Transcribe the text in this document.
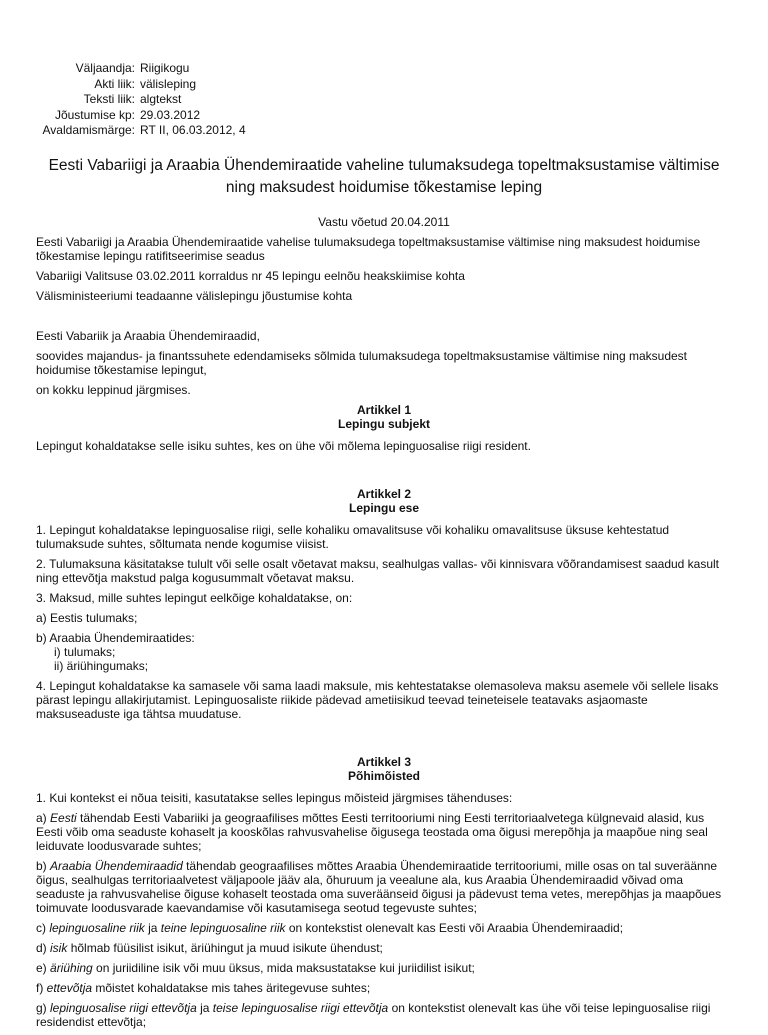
Väljaandja: Riigikogu
Akti liik: välisleping
Teksti liik: algtekst
Jõustumise kp: 29.03.2012
Avaldamismärge: RT II, 06.03.2012, 4
Eesti Vabariigi ja Araabia Ühendemiraatide vaheline tulumaksudega topeltmaksustamise vältimise ning maksudest hoidumise tõkestamise leping

Vastu võetud 20.04.2011

Eesti Vabariigi ja Araabia Ühendemiraatide vahelise tulumaksudega topeltmaksustamise vältimise ning maksudest hoidumise tõkestamise lepingu ratifitseerimise seadus

Vabariigi Valitsuse 03.02.2011 korraldus nr 45 lepingu eelnõu heakskiimise kohta

Välisministeeriumi teadaanne välislepingu jõustumise kohta

Eesti Vabariik ja Araabia Ühendemiraadid,

soovides majandus- ja finantssuhete edendamiseks sõlmida tulumaksudega topeltmaksustamise vältimise ning maksudest hoidumise tõkestamise lepingut,

on kokku leppinud järgmises.

Artikkel 1
Lepingu subjekt

Lepingut kohaldatakse selle isiku suhtes, kes on ühe või mõlema lepinguosalise riigi resident.

Artikkel 2
Lepingu ese

1. Lepingut kohaldatakse lepinguosalise riigi, selle kohaliku omavalitsuse või kohaliku omavalitsuse üksuse kehtestatud tulumaksude suhtes, sõltumata nende kogumise viisist.

2. Tulumaksuna käsitatakse tulult või selle osalt võetavat maksu, sealhulgas vallas- või kinnisvara võõrandamisest saadud kasult ning ettevõtja makstud palga kogusummalt võetavat maksu.

3. Maksud, mille suhtes lepingut eelkõige kohaldatakse, on:

a) Eestis tulumaks;

b) Araabia Ühendemiraatides:

i) tulumaks;

ii) äriühingumaks;

4. Lepingut kohaldatakse ka samasele või sama laadi maksule, mis kehtestatakse olemasoleva maksu asemele või sellele lisaks pärast lepingu allakirjutamist. Lepinguosaliste riikide pädevad ametiisikud teevad teineteisele teatavaks asjaomaste maksuseaduste iga tähtsa muudatuse.

Artikkel 3
Põhimõisted

1. Kui kontekst ei nõua teisiti, kasutatakse selles lepingus mõisteid järgmises tähenduses:

a) Eesti tähendab Eesti Vabariiki ja geograafilises mõttes Eesti territooriumi ning Eesti territoriaalvetega külgnevaid alasid, kus Eesti võib oma seaduste kohaselt ja kooskõlas rahvusvahelise õigusega teostada oma õigusi merepõhja ja maapõue ning seal leiduvate loodusvarade suhtes;

b) Araabia Ühendemiraadid tähendab geograafilises mõttes Araabia Ühendemiraatide territooriumi, mille osas on tal suveräänne õigus, sealhulgas territoriaalvetest väljapoole jääv ala, õhuruum ja veealune ala, kus Araabia Ühendemiraadid võivad oma seaduste ja rahvusvahelise õiguse kohaselt teostada oma suveräänseid õigusi ja pädevust tema vetes, merepõhjas ja maapõues toimuvate loodusvarade kaevandamise või kasutamisega seotud tegevuste suhtes;

c) lepinguosaline riik ja teine lepinguosaline riik on kontekstist olenevalt kas Eesti või Araabia Ühendemiraadid;

d) isik hõlmab füüsilist isikut, äriühingut ja muud isikute ühendust;

e) äriühing on juriidiline isik või muu üksus, mida maksustatakse kui juriidilist isikut;

f) ettevõtja mõistet kohaldatakse mis tahes äritegevuse suhtes;

g) lepinguosalise riigi ettevõtja ja teise lepinguosalise riigi ettevõtja on kontekstist olenevalt kas ühe või teise lepinguosalise riigi residendist ettevõtja;
